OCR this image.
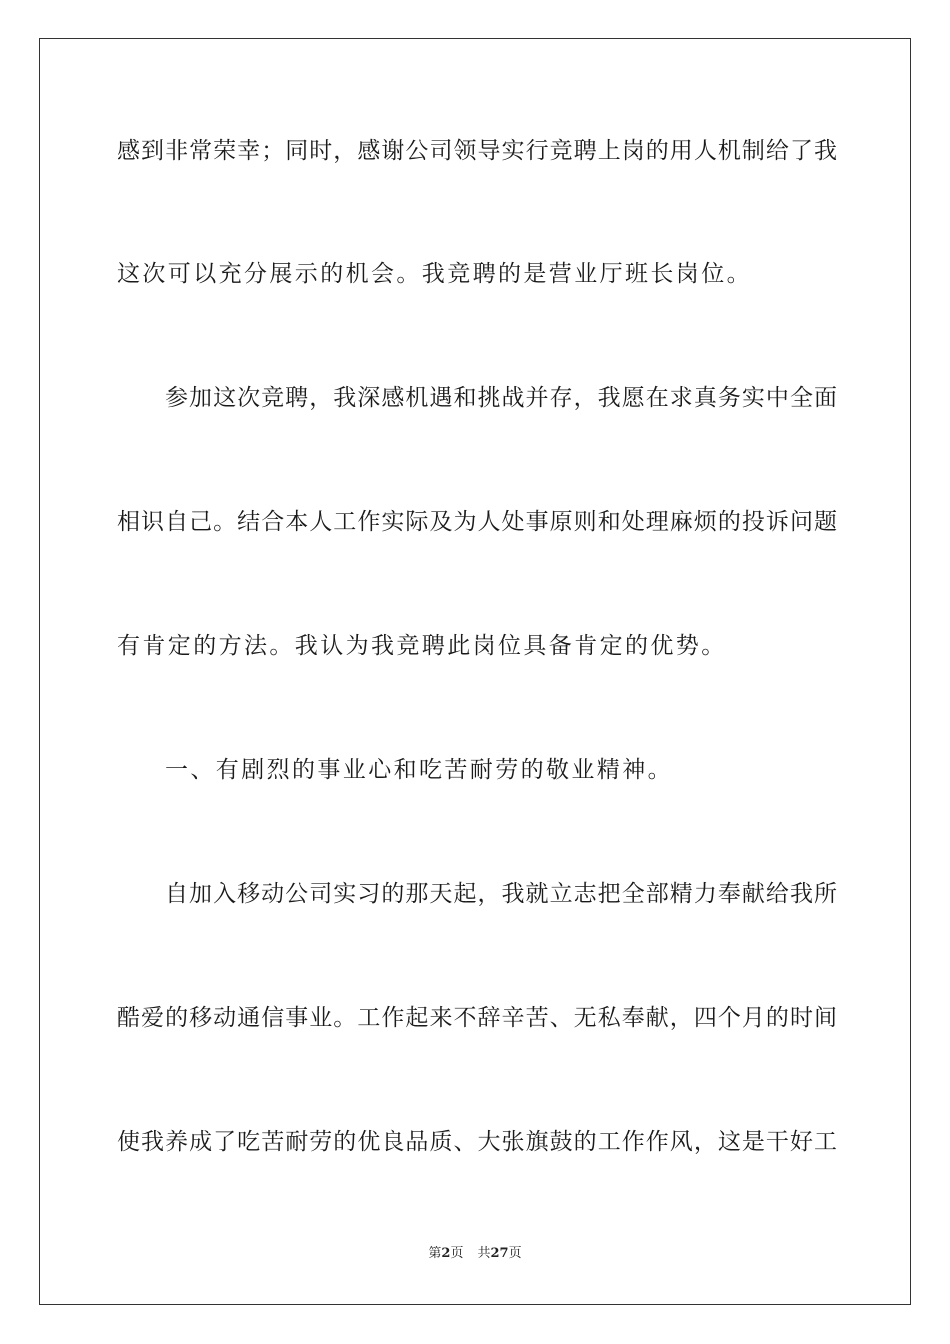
感到非常荣幸；同时，感谢公司领导实行竞聘上岗的用人机制给了我
这次可以充分展示的机会。我竞聘的是营业厅班长岗位。
参加这次竞聘，我深感机遇和挑战并存，我愿在求真务实中全面
相识自己。结合本人工作实际及为人处事原则和处理麻烦的投诉问题
有肯定的方法。我认为我竞聘此岗位具备肯定的优势。
一、有剧烈的事业心和吃苦耐劳的敬业精神。
自加入移动公司实习的那天起，我就立志把全部精力奉献给我所
酷爱的移动通信事业。工作起来不辞辛苦、无私奉献，四个月的时间
使我养成了吃苦耐劳的优良品质、大张旗鼓的工作作风，这是干好工
第2页 共27页
